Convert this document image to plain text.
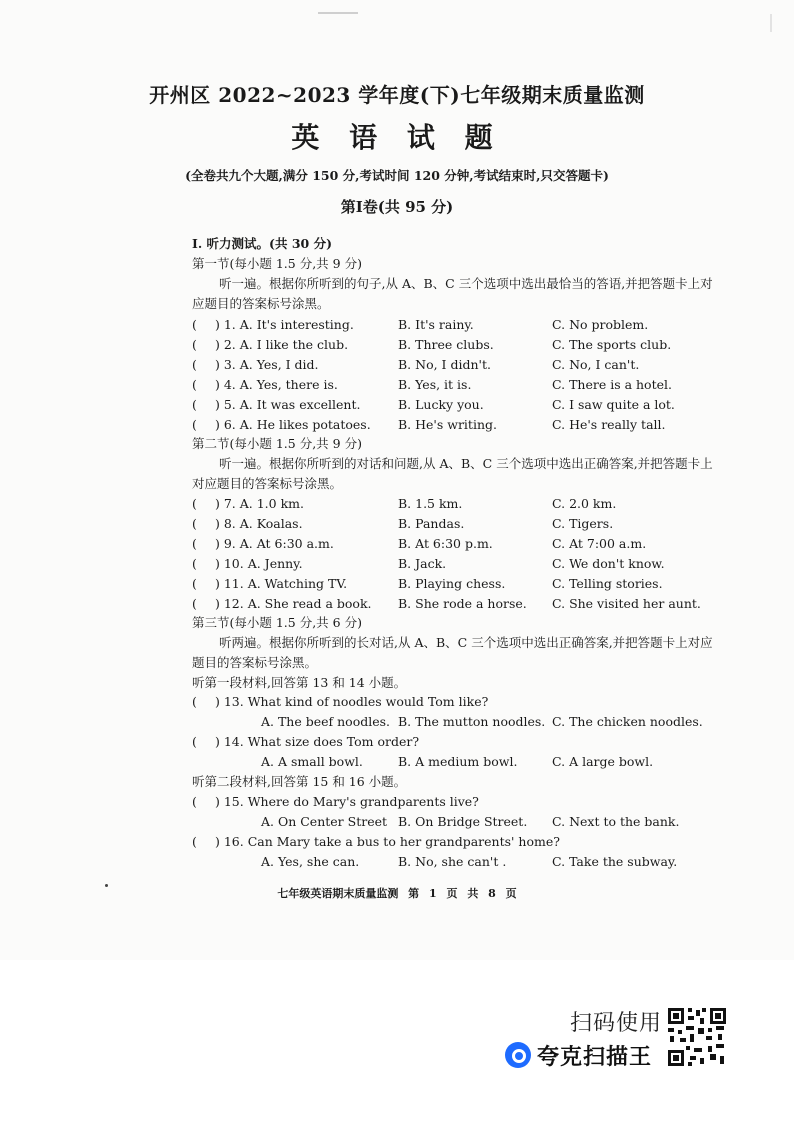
开州区 2022~2023 学年度(下)七年级期末质量监测
英 语 试 题
(全卷共九个大题,满分 150 分,考试时间 120 分钟,考试结束时,只交答题卡)
第Ⅰ卷(共 95 分)
Ⅰ. 听力测试。(共 30 分)
第一节(每小题 1.5 分,共 9 分)
听一遍。根据你所听到的句子,从 A、B、C 三个选项中选出最恰当的答语,并把答题卡上对
应题目的答案标号涂黑。
( ) 1. A. It's interesting.	B. It's rainy.	C. No problem.
( ) 2. A. I like the club.	B. Three clubs.	C. The sports club.
( ) 3. A. Yes, I did.	B. No, I didn't.	C. No, I can't.
( ) 4. A. Yes, there is.	B. Yes, it is.	C. There is a hotel.
( ) 5. A. It was excellent.	B. Lucky you.	C. I saw quite a lot.
( ) 6. A. He likes potatoes. B. He's writing.	C. He's really tall.
第二节(每小题 1.5 分,共 9 分)
听一遍。根据你所听到的对话和问题,从 A、B、C 三个选项中选出正确答案,并把答题卡上
对应题目的答案标号涂黑。
( ) 7. A. 1.0 km.	B. 1.5 km.	C. 2.0 km.
( ) 8. A. Koalas.	B. Pandas.	C. Tigers.
( ) 9. A. At 6:30 a.m.	B. At 6:30 p.m.	C. At 7:00 a.m.
( ) 10. A. Jenny.	B. Jack.	C. We don't know.
( ) 11. A. Watching TV.	B. Playing chess.	C. Telling stories.
( ) 12. A. She read a book. B. She rode a horse. C. She visited her aunt.
第三节(每小题 1.5 分,共 6 分)
听两遍。根据你所听到的长对话,从 A、B、C 三个选项中选出正确答案,并把答题卡上对应
题目的答案标号涂黑。
听第一段材料,回答第 13 和 14 小题。
( ) 13. What kind of noodles would Tom like?
A. The beef noodles. B. The mutton noodles. C. The chicken noodles.
( ) 14. What size does Tom order?
A. A small bowl.	B. A medium bowl.	C. A large bowl.
听第二段材料,回答第 15 和 16 小题。
( ) 15. Where do Mary's grandparents live?
A. On Center Street B. On Bridge Street. C. Next to the bank.
( ) 16. Can Mary take a bus to her grandparents' home?
A. Yes, she can.	B. No, she can't .	C. Take the subway.
七年级英语期末质量监测 第 1 页 共 8 页
扫码使用
夸克扫描王
